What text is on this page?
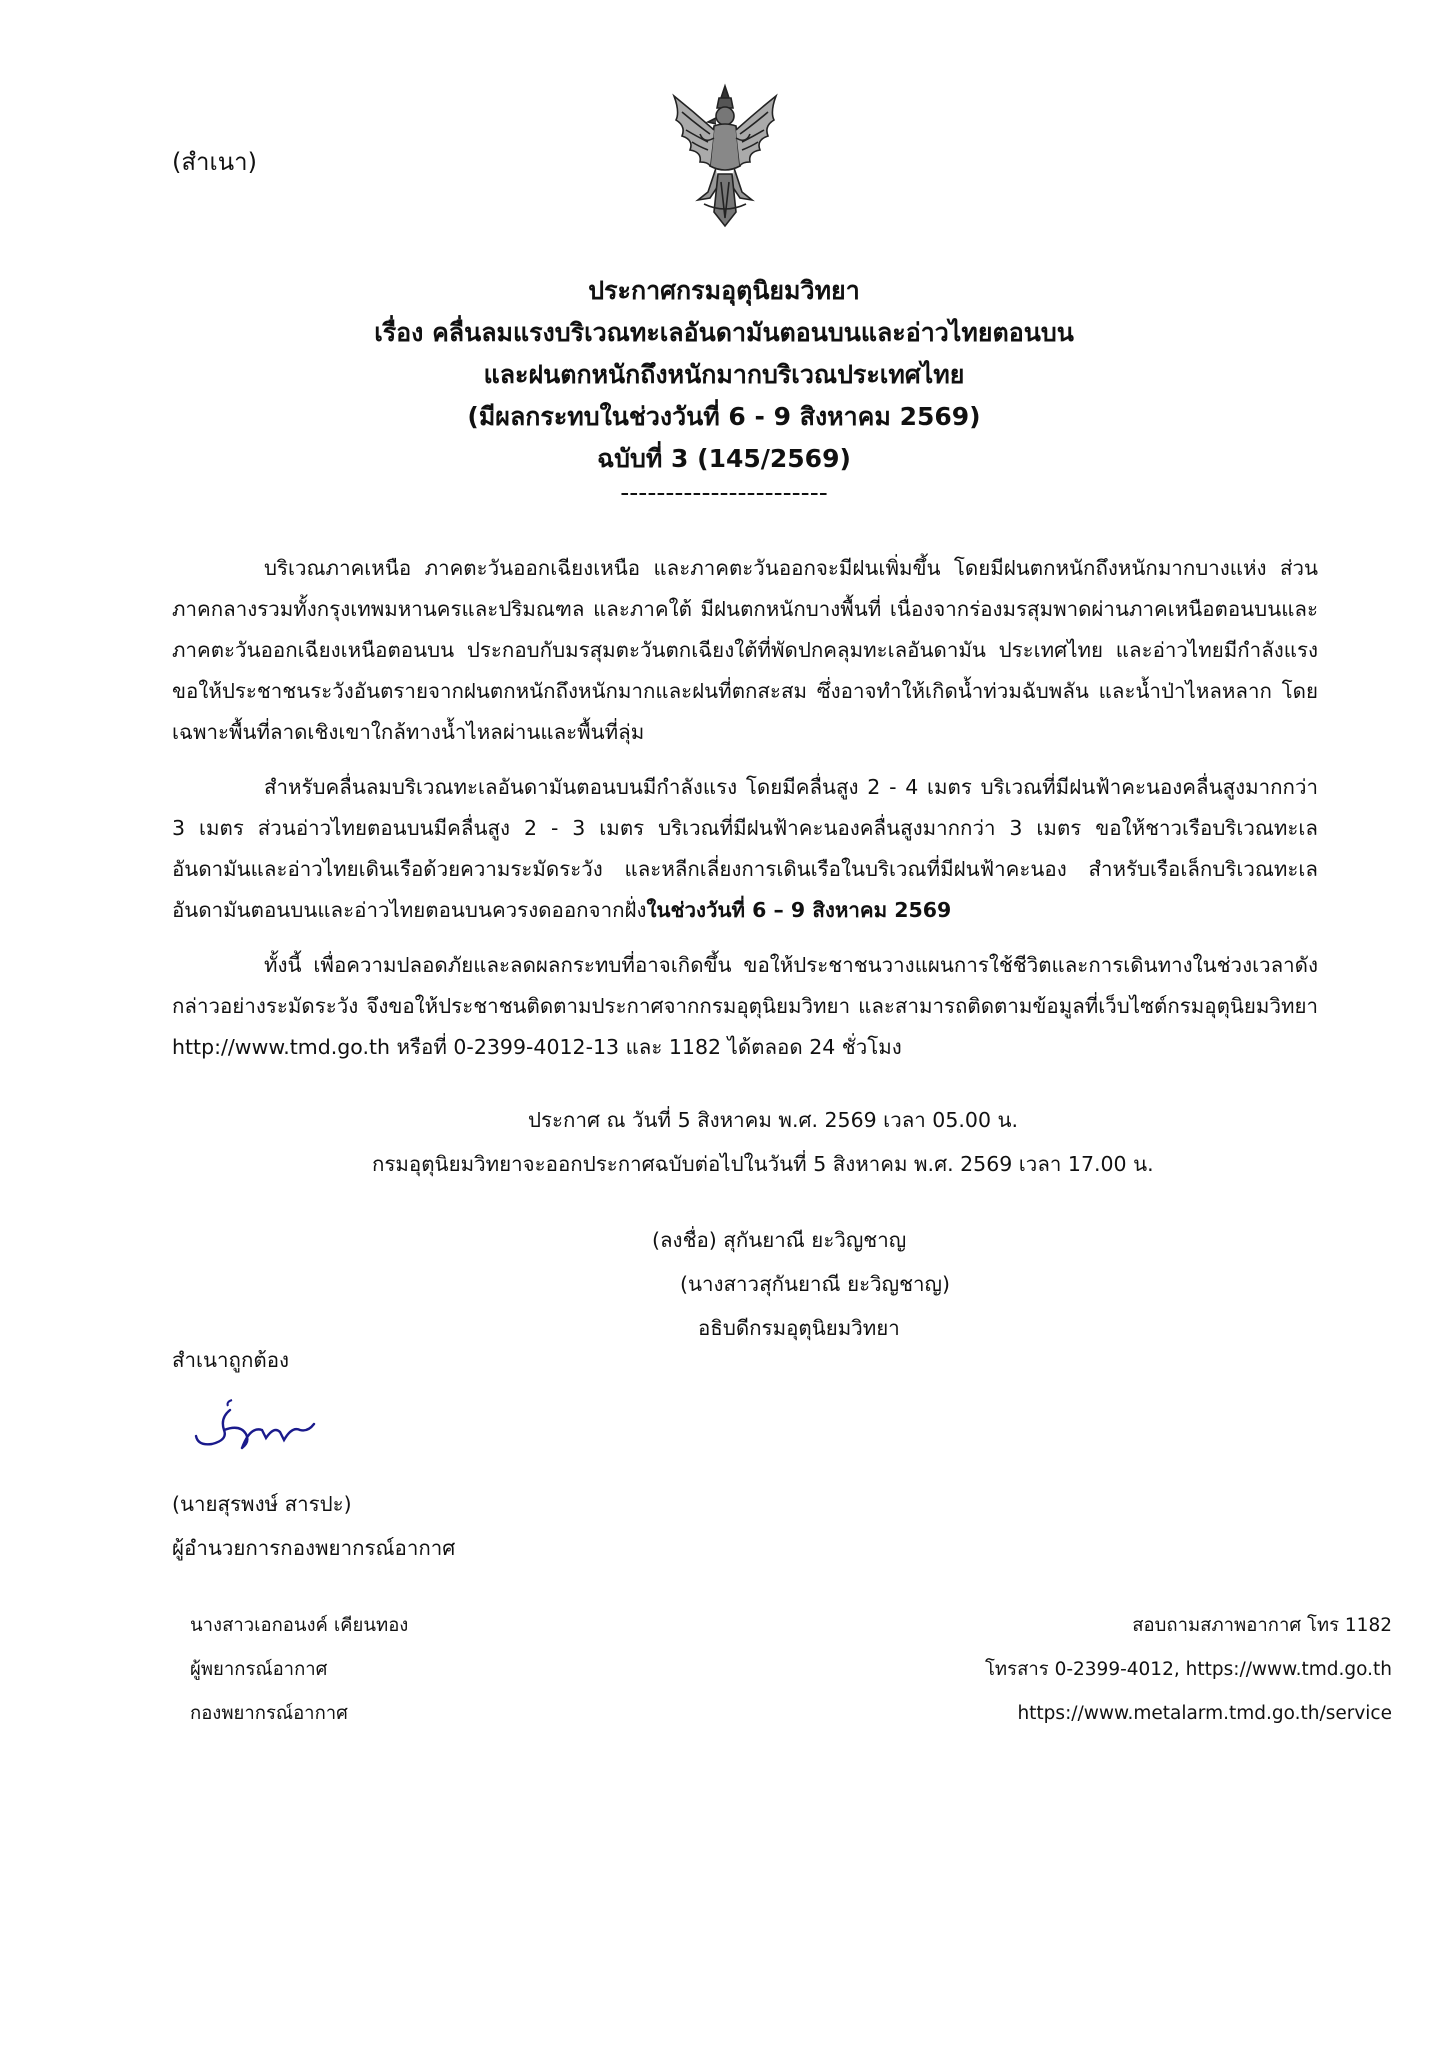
(สำเนา)
ประกาศกรมอุตุนิยมวิทยา
เรื่อง คลื่นลมแรงบริเวณทะเลอันดามันตอนบนและอ่าวไทยตอนบน
และฝนตกหนักถึงหนักมากบริเวณประเทศไทย
(มีผลกระทบในช่วงวันที่ 6 - 9 สิงหาคม 2569)
ฉบับที่ 3 (145/2569)
-----------------------

บริเวณภาคเหนือ ภาคตะวันออกเฉียงเหนือ และภาคตะวันออกจะมีฝนเพิ่มขึ้น โดยมีฝนตกหนักถึงหนักมากบางแห่ง ส่วนภาคกลางรวมทั้งกรุงเทพมหานครและปริมณฑล และภาคใต้ มีฝนตกหนักบางพื้นที่ เนื่องจากร่องมรสุมพาดผ่านภาคเหนือตอนบนและภาคตะวันออกเฉียงเหนือตอนบน ประกอบกับมรสุมตะวันตกเฉียงใต้ที่พัดปกคลุมทะเลอันดามัน ประเทศไทย และอ่าวไทยมีกำลังแรง ขอให้ประชาชนระวังอันตรายจากฝนตกหนักถึงหนักมากและฝนที่ตกสะสม ซึ่งอาจทำให้เกิดน้ำท่วมฉับพลัน และน้ำป่าไหลหลาก โดยเฉพาะพื้นที่ลาดเชิงเขาใกล้ทางน้ำไหลผ่านและพื้นที่ลุ่ม

สำหรับคลื่นลมบริเวณทะเลอันดามันตอนบนมีกำลังแรง โดยมีคลื่นสูง 2 - 4 เมตร บริเวณที่มีฝนฟ้าคะนองคลื่นสูงมากกว่า 3 เมตร ส่วนอ่าวไทยตอนบนมีคลื่นสูง 2 - 3 เมตร บริเวณที่มีฝนฟ้าคะนองคลื่นสูงมากกว่า 3 เมตร ขอให้ชาวเรือบริเวณทะเลอันดามันและอ่าวไทยเดินเรือด้วยความระมัดระวัง และหลีกเลี่ยงการเดินเรือในบริเวณที่มีฝนฟ้าคะนอง สำหรับเรือเล็กบริเวณทะเลอันดามันตอนบนและอ่าวไทยตอนบนควรงดออกจากฝั่งในช่วงวันที่ 6 – 9 สิงหาคม 2569

ทั้งนี้ เพื่อความปลอดภัยและลดผลกระทบที่อาจเกิดขึ้น ขอให้ประชาชนวางแผนการใช้ชีวิตและการเดินทางในช่วงเวลาดังกล่าวอย่างระมัดระวัง จึงขอให้ประชาชนติดตามประกาศจากกรมอุตุนิยมวิทยา และสามารถติดตามข้อมูลที่เว็บไซต์กรมอุตุนิยมวิทยา http://www.tmd.go.th หรือที่ 0-2399-4012-13 และ 1182 ได้ตลอด 24 ชั่วโมง

ประกาศ ณ วันที่ 5 สิงหาคม พ.ศ. 2569 เวลา 05.00 น.
กรมอุตุนิยมวิทยาจะออกประกาศฉบับต่อไปในวันที่ 5 สิงหาคม พ.ศ. 2569 เวลา 17.00 น.
(ลงชื่อ) สุกันยาณี ยะวิญชาญ
(นางสาวสุกันยาณี ยะวิญชาญ)
อธิบดีกรมอุตุนิยมวิทยา
สำเนาถูกต้อง
(นายสุรพงษ์ สารปะ)
ผู้อำนวยการกองพยากรณ์อากาศ
นางสาวเอกอนงค์ เคียนทอง
ผู้พยากรณ์อากาศ
กองพยากรณ์อากาศ
สอบถามสภาพอากาศ โทร 1182
โทรสาร 0-2399-4012, https://www.tmd.go.th
https://www.metalarm.tmd.go.th/service
